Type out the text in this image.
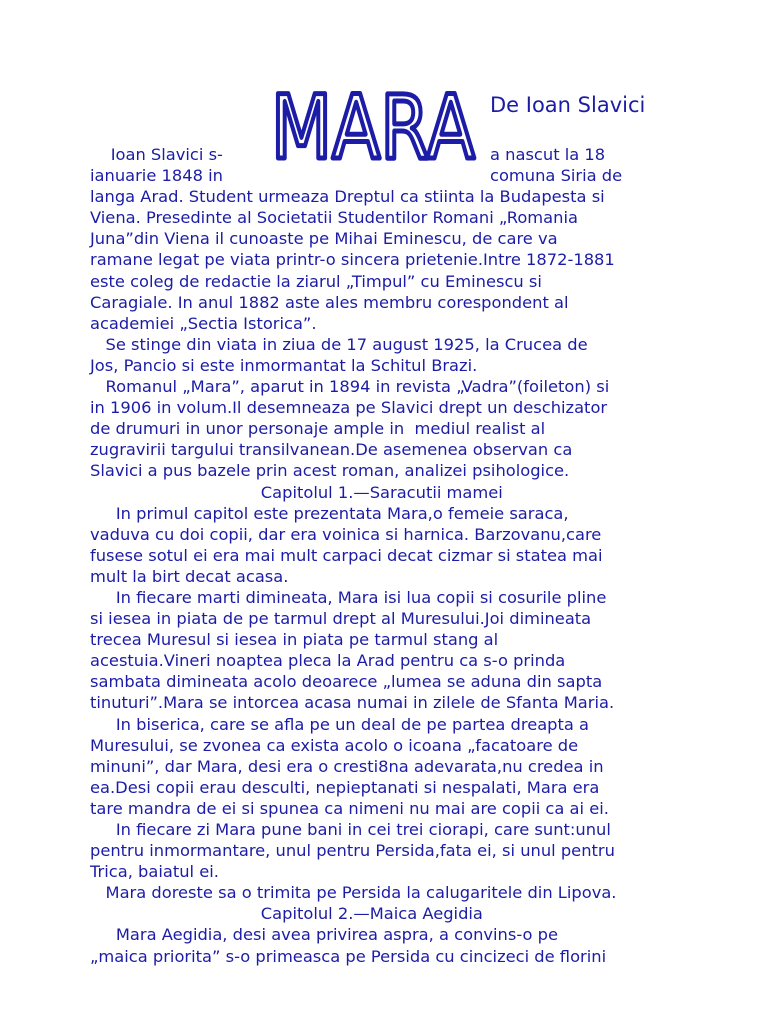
MARA De Ioan Slavici
Ioan Slavici s-	a nascut la 18
ianuarie 1848 in	comuna Siria de
langa Arad. Student urmeaza Dreptul ca stiinta la Budapesta si
Viena. Presedinte al Societatii Studentilor Romani „Romania
Juna”din Viena il cunoaste pe Mihai Eminescu, de care va
ramane legat pe viata printr-o sincera prietenie.Intre 1872-1881
este coleg de redactie la ziarul „Timpul” cu Eminescu si
Caragiale. In anul 1882 aste ales membru corespondent al
academiei „Sectia Istorica”.
Se stinge din viata in ziua de 17 august 1925, la Crucea de
Jos, Pancio si este inmormantat la Schitul Brazi.
Romanul „Mara”, aparut in 1894 in revista „Vadra”(foileton) si
in 1906 in volum.Il desemneaza pe Slavici drept un deschizator
de drumuri in unor personaje ample in  mediul realist al
zugravirii targului transilvanean.De asemenea observan ca
Slavici a pus bazele prin acest roman, analizei psihologice.
Capitolul 1.—Saracutii mamei
In primul capitol este prezentata Mara,o femeie saraca,
vaduva cu doi copii, dar era voinica si harnica. Barzovanu,care
fusese sotul ei era mai mult carpaci decat cizmar si statea mai
mult la birt decat acasa.
In fiecare marti dimineata, Mara isi lua copii si cosurile pline
si iesea in piata de pe tarmul drept al Muresului.Joi dimineata
trecea Muresul si iesea in piata pe tarmul stang al
acestuia.Vineri noaptea pleca la Arad pentru ca s-o prinda
sambata dimineata acolo deoarece „lumea se aduna din sapta
tinuturi”.Mara se intorcea acasa numai in zilele de Sfanta Maria.
In biserica, care se afla pe un deal de pe partea dreapta a
Muresului, se zvonea ca exista acolo o icoana „facatoare de
minuni”, dar Mara, desi era o cresti8na adevarata,nu credea in
ea.Desi copii erau desculti, nepieptanati si nespalati, Mara era
tare mandra de ei si spunea ca nimeni nu mai are copii ca ai ei.
In fiecare zi Mara pune bani in cei trei ciorapi, care sunt:unul
pentru inmormantare, unul pentru Persida,fata ei, si unul pentru
Trica, baiatul ei.
Mara doreste sa o trimita pe Persida la calugaritele din Lipova.
Capitolul 2.—Maica Aegidia
Mara Aegidia, desi avea privirea aspra, a convins-o pe
„maica priorita” s-o primeasca pe Persida cu cincizeci de florini
